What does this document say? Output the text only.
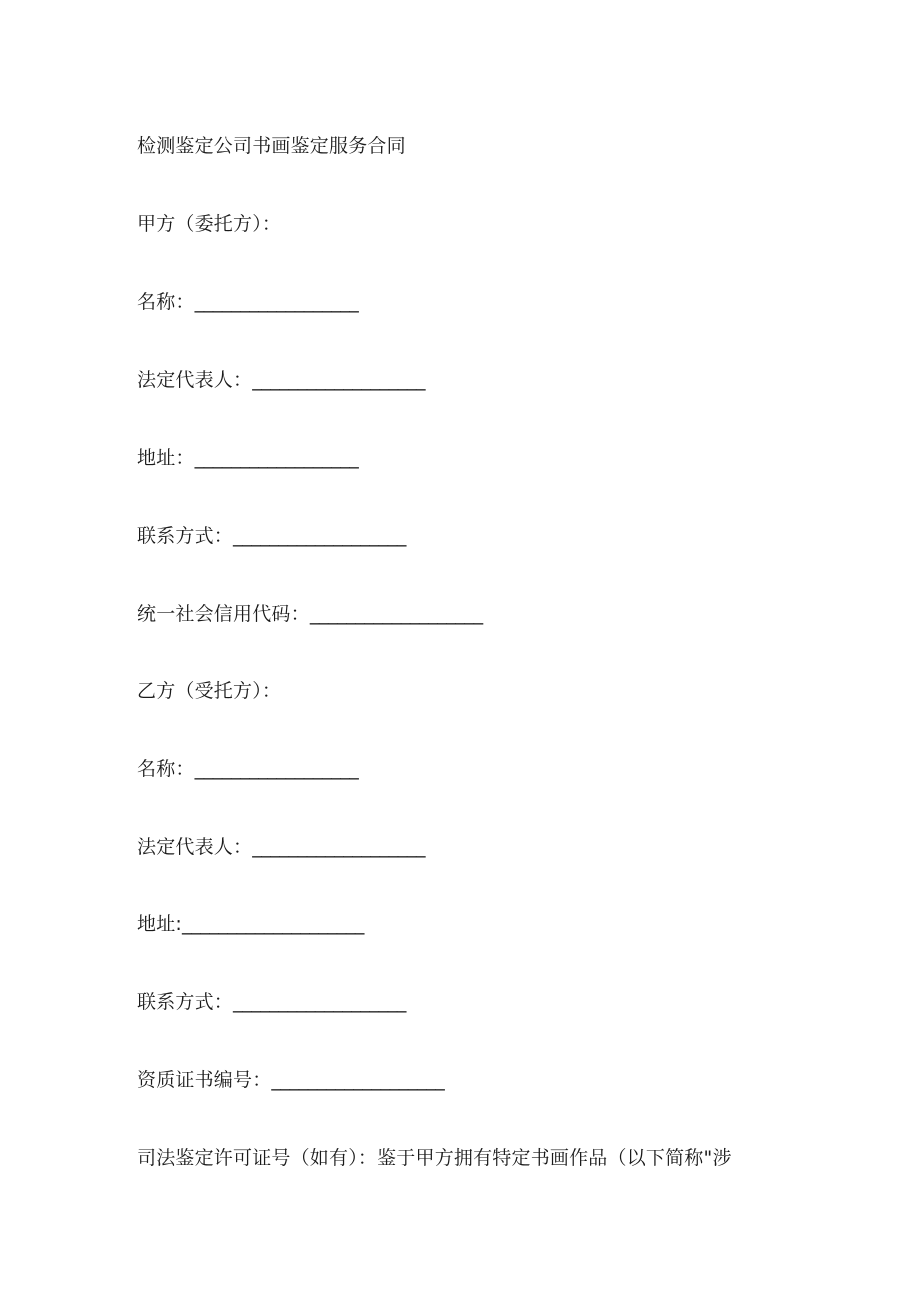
检测鉴定公司书画鉴定服务合同
甲方（委托方）：
名称：__________________
法定代表人：___________________
地址：__________________
联系方式：___________________
统一社会信用代码：___________________
乙方（受托方）：
名称：__________________
法定代表人：___________________
地址:____________________
联系方式：___________________
资质证书编号：___________________
司法鉴定许可证号（如有）：鉴于甲方拥有特定书画作品（以下简称"涉
